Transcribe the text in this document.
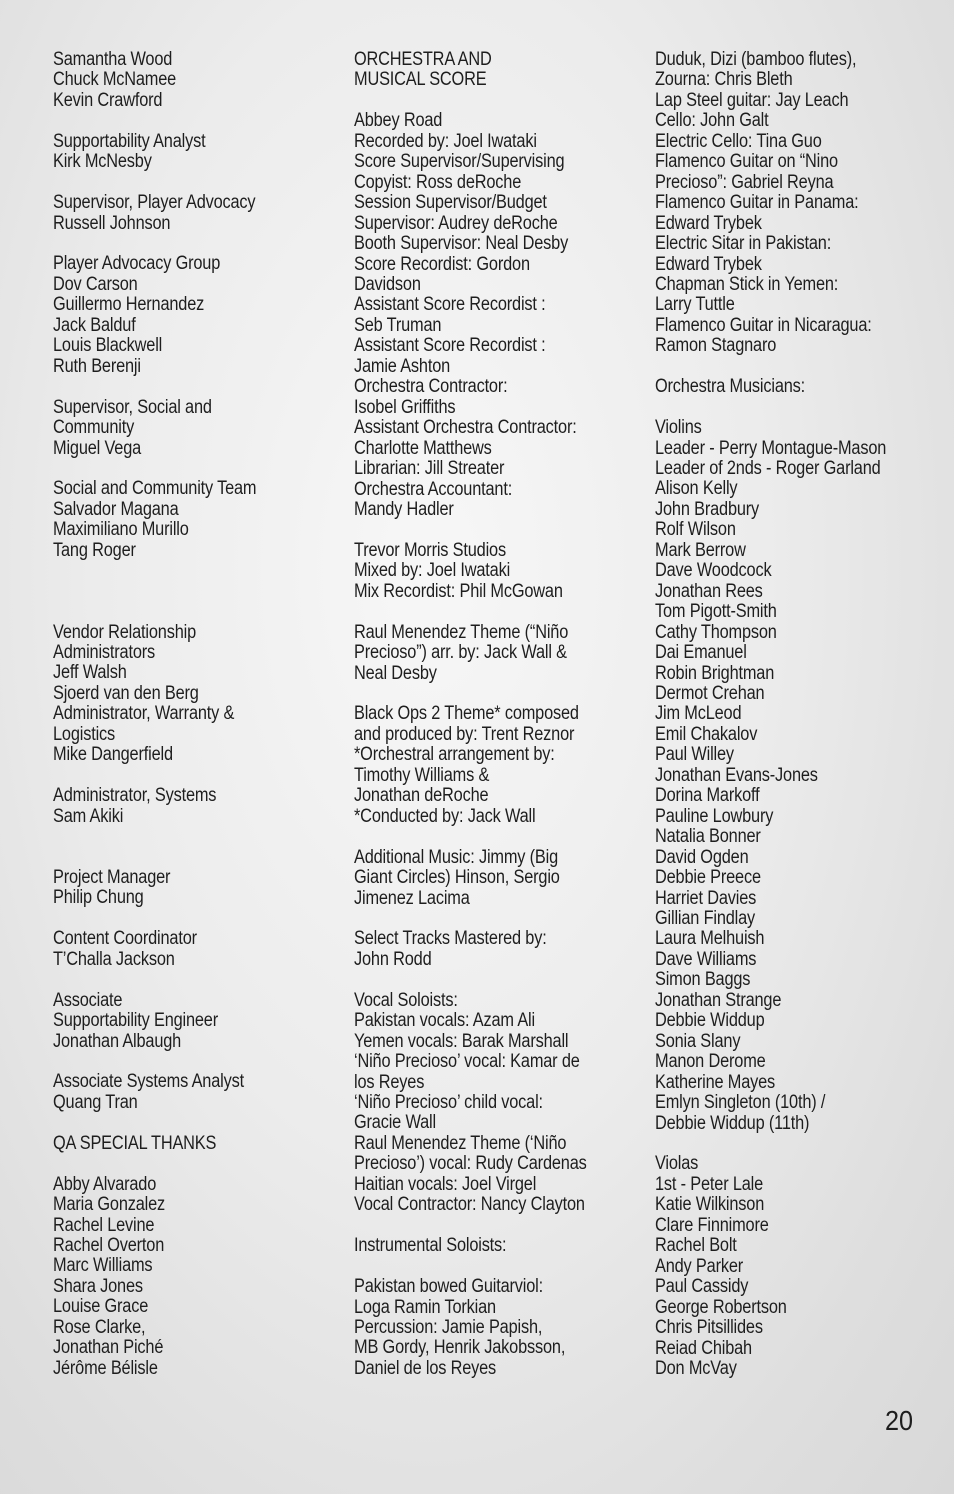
Samantha Wood
Chuck McNamee
Kevin Crawford
Supportability Analyst
Kirk McNesby
Supervisor, Player Advocacy
Russell Johnson
Player Advocacy Group
Dov Carson
Guillermo Hernandez
Jack Balduf
Louis Blackwell
Ruth Berenji
Supervisor, Social and
Community
Miguel Vega
Social and Community Team
Salvador Magana
Maximiliano Murillo
Tang Roger
Vendor Relationship
Administrators
Jeff Walsh
Sjoerd van den Berg
Administrator, Warranty &
Logistics
Mike Dangerfield
Administrator, Systems
Sam Akiki
Project Manager
Philip Chung
Content Coordinator
T’Challa Jackson
Associate
Supportability Engineer
Jonathan Albaugh
Associate Systems Analyst
Quang Tran
QA SPECIAL THANKS
Abby Alvarado
Maria Gonzalez
Rachel Levine
Rachel Overton
Marc Williams
Shara Jones
Louise Grace
Rose Clarke,
Jonathan Piché
Jérôme Bélisle
ORCHESTRA AND
MUSICAL SCORE
Abbey Road
Recorded by: Joel Iwataki
Score Supervisor/Supervising
Copyist: Ross deRoche
Session Supervisor/Budget
Supervisor: Audrey deRoche
Booth Supervisor: Neal Desby
Score Recordist: Gordon
Davidson
Assistant Score Recordist :
Seb Truman
Assistant Score Recordist :
Jamie Ashton
Orchestra Contractor:
Isobel Griffiths
Assistant Orchestra Contractor:
Charlotte Matthews
Librarian: Jill Streater
Orchestra Accountant:
Mandy Hadler
Trevor Morris Studios
Mixed by: Joel Iwataki
Mix Recordist: Phil McGowan
Raul Menendez Theme (“Niño
Precioso”) arr. by: Jack Wall &
Neal Desby
Black Ops 2 Theme* composed
and produced by: Trent Reznor
*Orchestral arrangement by:
Timothy Williams &
Jonathan deRoche
*Conducted by: Jack Wall
Additional Music: Jimmy (Big
Giant Circles) Hinson, Sergio
Jimenez Lacima
Select Tracks Mastered by:
John Rodd
Vocal Soloists:
Pakistan vocals: Azam Ali
Yemen vocals: Barak Marshall
‘Niño Precioso’ vocal: Kamar de
los Reyes
‘Niño Precioso’ child vocal:
Gracie Wall
Raul Menendez Theme (‘Niño
Precioso’) vocal: Rudy Cardenas
Haitian vocals: Joel Virgel
Vocal Contractor: Nancy Clayton
Instrumental Soloists:
Pakistan bowed Guitarviol:
Loga Ramin Torkian
Percussion: Jamie Papish,
MB Gordy, Henrik Jakobsson,
Daniel de los Reyes
Duduk, Dizi (bamboo flutes),
Zourna: Chris Bleth
Lap Steel guitar: Jay Leach
Cello: John Galt
Electric Cello: Tina Guo
Flamenco Guitar on “Nino
Precioso”: Gabriel Reyna
Flamenco Guitar in Panama:
Edward Trybek
Electric Sitar in Pakistan:
Edward Trybek
Chapman Stick in Yemen:
Larry Tuttle
Flamenco Guitar in Nicaragua:
Ramon Stagnaro
Orchestra Musicians:
Violins
Leader - Perry Montague-Mason
Leader of 2nds - Roger Garland
Alison Kelly
John Bradbury
Rolf Wilson
Mark Berrow
Dave Woodcock
Jonathan Rees
Tom Pigott-Smith
Cathy Thompson
Dai Emanuel
Robin Brightman
Dermot Crehan
Jim McLeod
Emil Chakalov
Paul Willey
Jonathan Evans-Jones
Dorina Markoff
Pauline Lowbury
Natalia Bonner
David Ogden
Debbie Preece
Harriet Davies
Gillian Findlay
Laura Melhuish
Dave Williams
Simon Baggs
Jonathan Strange
Debbie Widdup
Sonia Slany
Manon Derome
Katherine Mayes
Emlyn Singleton (10th) /
Debbie Widdup (11th)
Violas
1st - Peter Lale
Katie Wilkinson
Clare Finnimore
Rachel Bolt
Andy Parker
Paul Cassidy
George Robertson
Chris Pitsillides
Reiad Chibah
Don McVay
20
